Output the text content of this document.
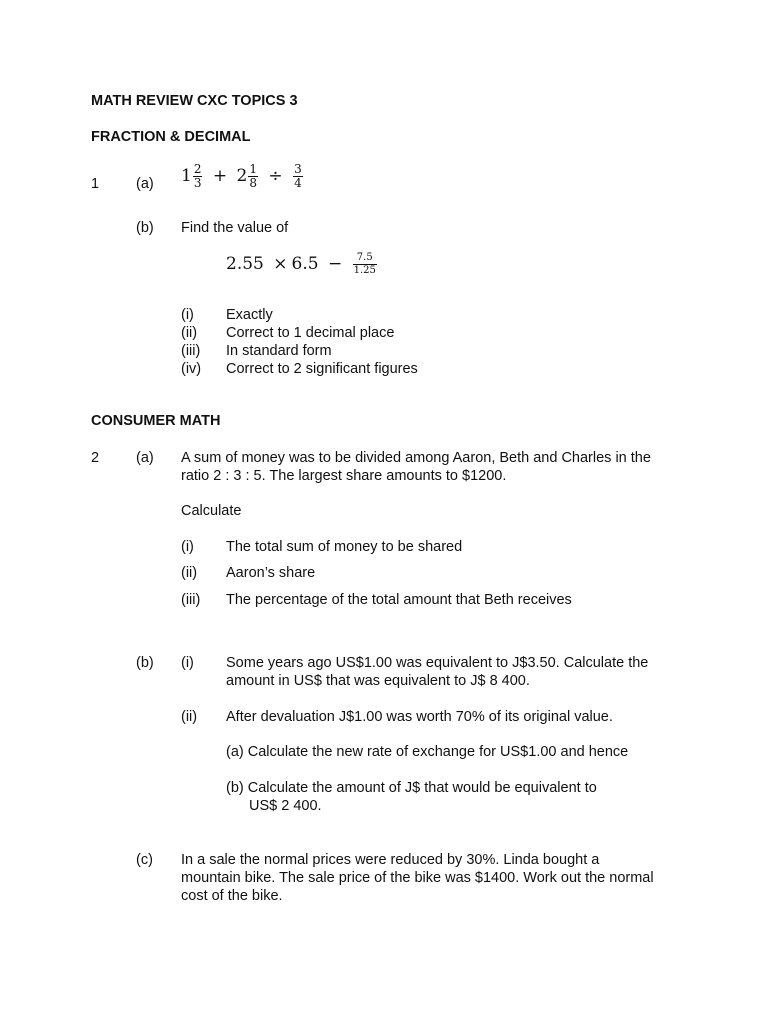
MATH REVIEW CXC TOPICS 3
FRACTION & DECIMAL
1	(a) $1 \frac{2}{3} + 2 \frac{1}{8} \div \frac{3}{4}$
(b) Find the value of
$2.55 \times 6.5 - \frac{7.5}{1.25}$
(i) Exactly
(ii) Correct to 1 decimal place
(iii) In standard form
(iv) Correct to 2 significant figures
CONSUMER MATH
2	(a) A sum of money was to be divided among Aaron, Beth and Charles in the
ratio 2 : 3 : 5. The largest share amounts to $1200.
Calculate
(i) The total sum of money to be shared
(ii) Aaron’s share
(iii) The percentage of the total amount that Beth receives
(b) (i) Some years ago US$1.00 was equivalent to J$3.50. Calculate the
amount in US$ that was equivalent to J$ 8 400.
(ii) After devaluation J$1.00 was worth 70% of its original value.
(a) Calculate the new rate of exchange for US$1.00 and hence
(b) Calculate the amount of J$ that would be equivalent to
US$ 2 400.
(c) In a sale the normal prices were reduced by 30%. Linda bought a
mountain bike. The sale price of the bike was $1400. Work out the normal
cost of the bike.
